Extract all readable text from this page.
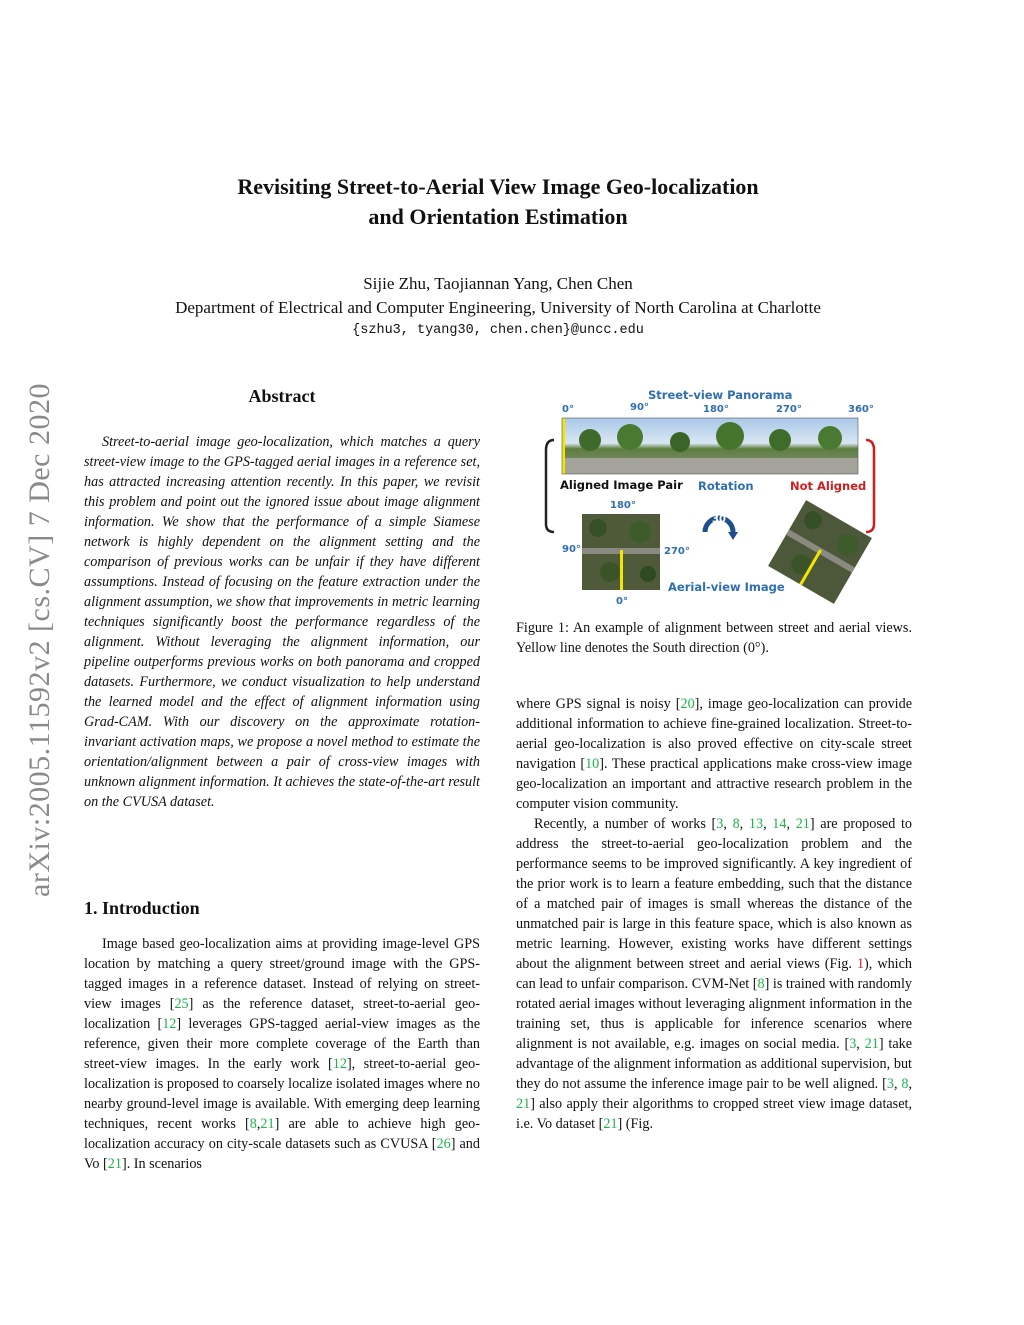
arXiv:2005.11592v2 [cs.CV] 7 Dec 2020
Revisiting Street-to-Aerial View Image Geo-localization
and Orientation Estimation
Sijie Zhu, Taojiannan Yang, Chen Chen
Department of Electrical and Computer Engineering, University of North Carolina at Charlotte
{szhu3, tyang30, chen.chen}@uncc.edu
Abstract

Street-to-aerial image geo-localization, which matches a query street-view image to the GPS-tagged aerial images in a reference set, has attracted increasing attention recently. In this paper, we revisit this problem and point out the ignored issue about image alignment information. We show that the performance of a simple Siamese network is highly dependent on the alignment setting and the comparison of previous works can be unfair if they have different assumptions. Instead of focusing on the feature extraction under the alignment assumption, we show that improvements in metric learning techniques significantly boost the performance regardless of the alignment. Without leveraging the alignment information, our pipeline outperforms previous works on both panorama and cropped datasets. Furthermore, we conduct visualization to help understand the learned model and the effect of alignment information using Grad-CAM. With our discovery on the approximate rotation-invariant activation maps, we propose a novel method to estimate the orientation/alignment between a pair of cross-view images with unknown alignment information. It achieves the state-of-the-art result on the CVUSA dataset.

1. Introduction

Image based geo-localization aims at providing image-level GPS location by matching a query street/ground image with the GPS-tagged images in a reference dataset. Instead of relying on street-view images [25] as the reference dataset, street-to-aerial geo-localization [12] leverages GPS-tagged aerial-view images as the reference, given their more complete coverage of the Earth than street-view images. In the early work [12], street-to-aerial geo-localization is proposed to coarsely localize isolated images where no nearby ground-level image is available. With emerging deep learning techniques, recent works [8,21] are able to achieve high geo-localization accuracy on city-scale datasets such as CVUSA [26] and Vo [21]. In scenarios

Street-view Panorama
0°	90°	180°	270°	360°
Aligned Image Pair Rotation	Not Aligned
30°
180°
90°	270°
0°
Aerial-view Image
Figure 1: An example of alignment between street and aerial views. Yellow line denotes the South direction (0°).

where GPS signal is noisy [20], image geo-localization can provide additional information to achieve fine-grained localization. Street-to-aerial geo-localization is also proved effective on city-scale street navigation [10]. These practical applications make cross-view image geo-localization an important and attractive research problem in the computer vision community.

Recently, a number of works [3, 8, 13, 14, 21] are proposed to address the street-to-aerial geo-localization problem and the performance seems to be improved significantly. A key ingredient of the prior work is to learn a feature embedding, such that the distance of a matched pair of images is small whereas the distance of the unmatched pair is large in this feature space, which is also known as metric learning. However, existing works have different settings about the alignment between street and aerial views (Fig. 1), which can lead to unfair comparison. CVM-Net [8] is trained with randomly rotated aerial images without leveraging alignment information in the training set, thus is applicable for inference scenarios where alignment is not available, e.g. images on social media. [3, 21] take advantage of the alignment information as additional supervision, but they do not assume the inference image pair to be well aligned. [3, 8, 21] also apply their algorithms to cropped street view image dataset, i.e. Vo dataset [21] (Fig.
